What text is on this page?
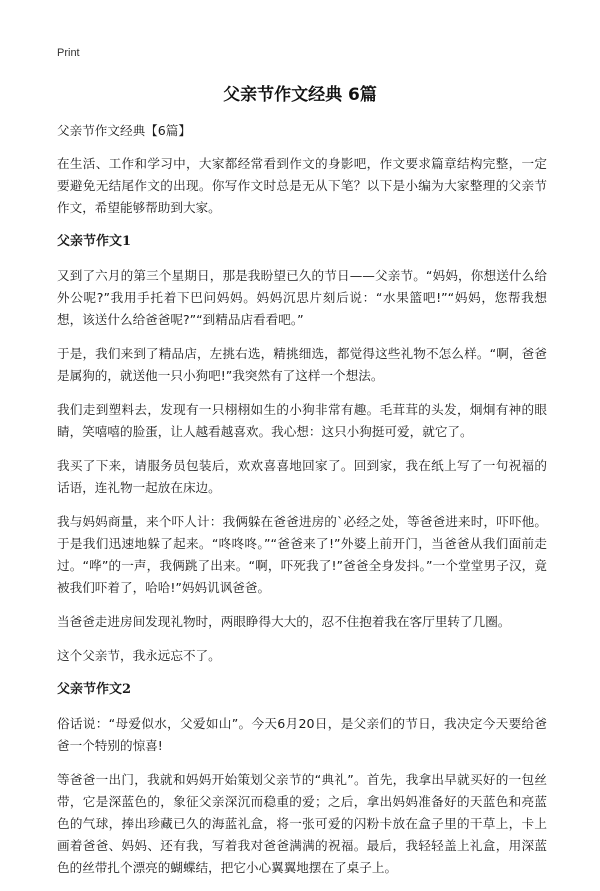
Print
父亲节作文经典 6篇

父亲节作文经典【6篇】

在生活、工作和学习中，大家都经常看到作文的身影吧，作文要求篇章结构完整，一定要避免无结尾作文的出现。你写作文时总是无从下笔？以下是小编为大家整理的父亲节作文，希望能够帮助到大家。

父亲节作文1

又到了六月的第三个星期日，那是我盼望已久的节日——父亲节。“妈妈，你想送什么给外公呢?”我用手托着下巴问妈妈。妈妈沉思片刻后说：“水果篮吧!”“妈妈，您帮我想想，该送什么给爸爸呢?”“到精品店看看吧。”

于是，我们来到了精品店，左挑右选，精挑细选，都觉得这些礼物不怎么样。“啊，爸爸是属狗的，就送他一只小狗吧!”我突然有了这样一个想法。

我们走到塑料去，发现有一只栩栩如生的小狗非常有趣。毛茸茸的头发，炯炯有神的眼睛，笑嘻嘻的脸蛋，让人越看越喜欢。我心想：这只小狗挺可爱，就它了。

我买了下来，请服务员包装后，欢欢喜喜地回家了。回到家，我在纸上写了一句祝福的话语，连礼物一起放在床边。

我与妈妈商量，来个吓人计：我俩躲在爸爸进房的`必经之处，等爸爸进来时，吓吓他。于是我们迅速地躲了起来。“咚咚咚。”“爸爸来了!”外婆上前开门，当爸爸从我们面前走过。“哗”的一声，我俩跳了出来。“啊，吓死我了!”爸爸全身发抖。”一个堂堂男子汉，竟被我们吓着了，哈哈!”妈妈讥讽爸爸。

当爸爸走进房间发现礼物时，两眼睁得大大的，忍不住抱着我在客厅里转了几圈。

这个父亲节，我永远忘不了。

父亲节作文2

俗话说：“母爱似水，父爱如山”。今天6月20日，是父亲们的节日，我决定今天要给爸爸一个特别的惊喜!

等爸爸一出门，我就和妈妈开始策划父亲节的“典礼”。首先，我拿出早就买好的一包丝带，它是深蓝色的，象征父亲深沉而稳重的爱；之后，拿出妈妈准备好的天蓝色和亮蓝色的气球，捧出珍藏已久的海蓝礼盒，将一张可爱的闪粉卡放在盒子里的干草上，卡上画着爸爸、妈妈、还有我，写着我对爸爸满满的祝福。最后，我轻轻盖上礼盒，用深蓝色的丝带扎个漂亮的蝴蝶结，把它小心翼翼地摆在了桌子上。
